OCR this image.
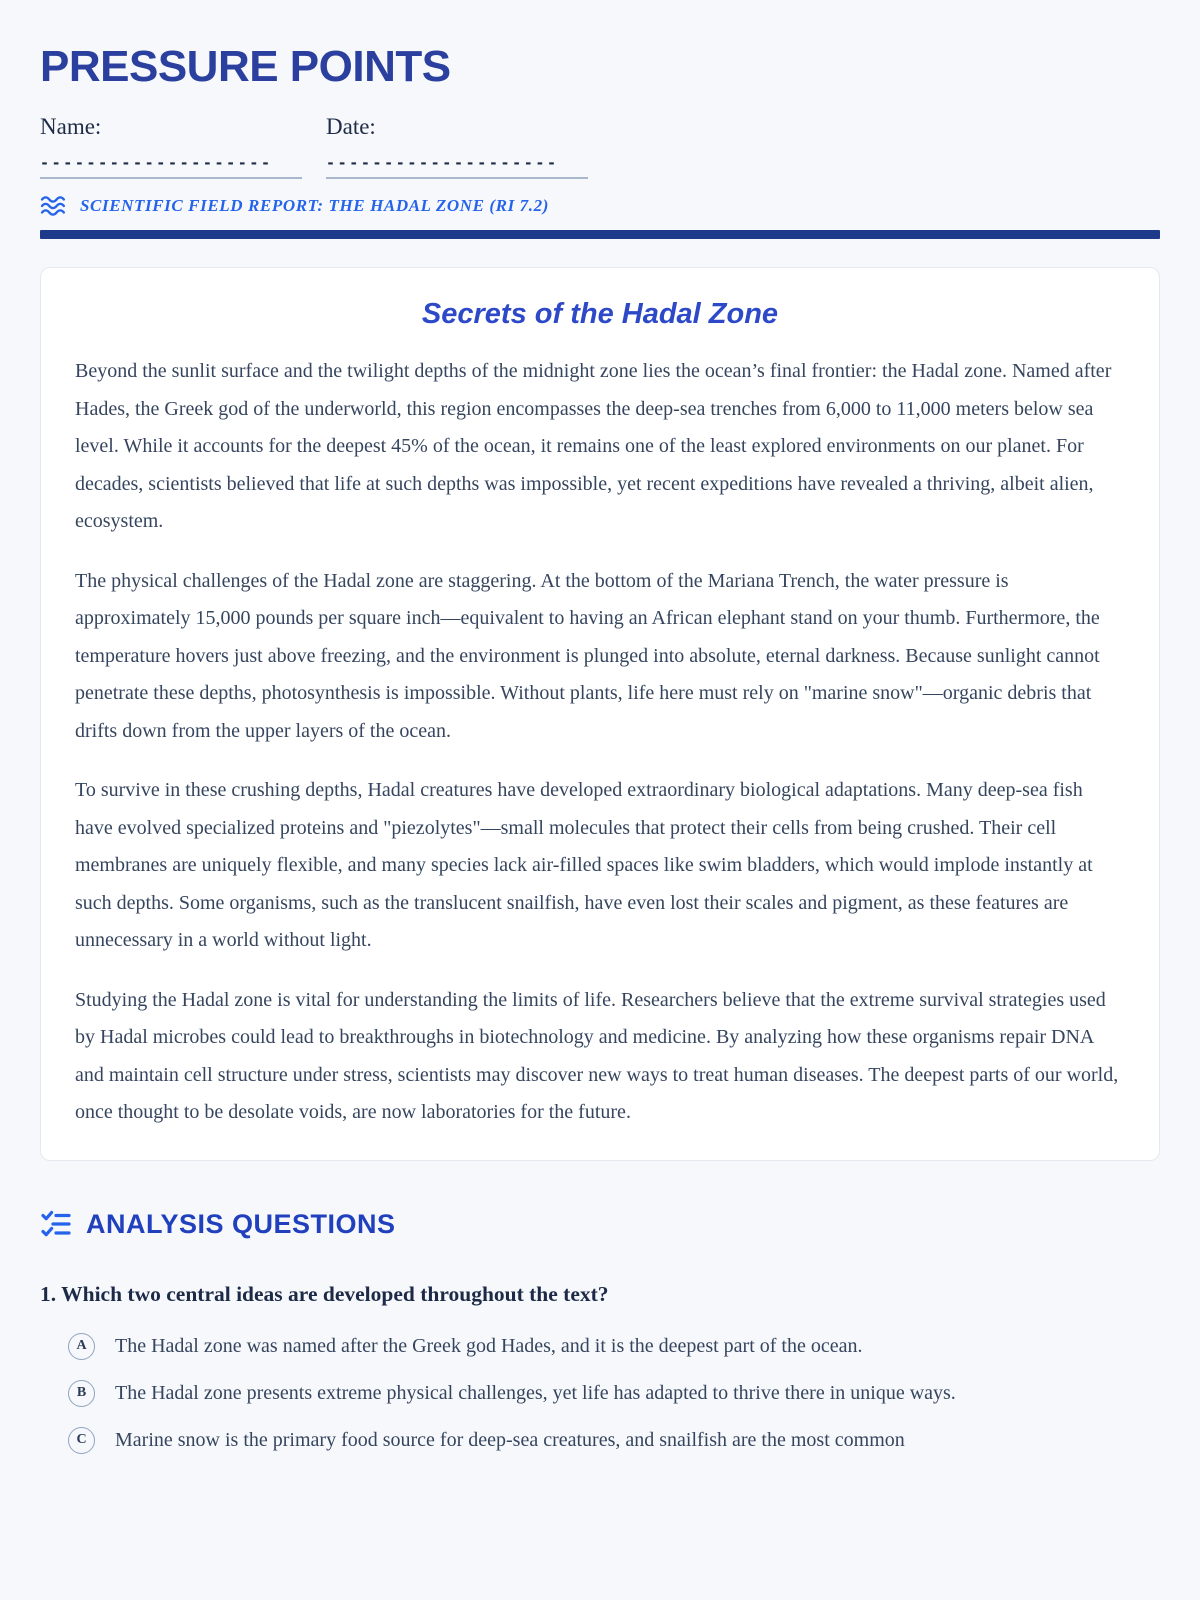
PRESSURE POINTS
Name:
--------------------
Date:
--------------------
SCIENTIFIC FIELD REPORT: THE HADAL ZONE (RI 7.2)
Secrets of the Hadal Zone

Beyond the sunlit surface and the twilight depths of the midnight zone lies the ocean’s final frontier: the Hadal zone. Named after Hades, the Greek god of the underworld, this region encompasses the deep-sea trenches from 6,000 to 11,000 meters below sea level. While it accounts for the deepest 45% of the ocean, it remains one of the least explored environments on our planet. For decades, scientists believed that life at such depths was impossible, yet recent expeditions have revealed a thriving, albeit alien, ecosystem.

The physical challenges of the Hadal zone are staggering. At the bottom of the Mariana Trench, the water pressure is approximately 15,000 pounds per square inch—equivalent to having an African elephant stand on your thumb. Furthermore, the temperature hovers just above freezing, and the environment is plunged into absolute, eternal darkness. Because sunlight cannot penetrate these depths, photosynthesis is impossible. Without plants, life here must rely on "marine snow"—organic debris that drifts down from the upper layers of the ocean.

To survive in these crushing depths, Hadal creatures have developed extraordinary biological adaptations. Many deep-sea fish have evolved specialized proteins and "piezolytes"—small molecules that protect their cells from being crushed. Their cell membranes are uniquely flexible, and many species lack air-filled spaces like swim bladders, which would implode instantly at such depths. Some organisms, such as the translucent snailfish, have even lost their scales and pigment, as these features are unnecessary in a world without light.

Studying the Hadal zone is vital for understanding the limits of life. Researchers believe that the extreme survival strategies used by Hadal microbes could lead to breakthroughs in biotechnology and medicine. By analyzing how these organisms repair DNA and maintain cell structure under stress, scientists may discover new ways to treat human diseases. The deepest parts of our world, once thought to be desolate voids, are now laboratories for the future.

ANALYSIS QUESTIONS
1. Which two central ideas are developed throughout the text?
A	The Hadal zone was named after the Greek god Hades, and it is the deepest part of the ocean.
B	The Hadal zone presents extreme physical challenges, yet life has adapted to thrive there in unique ways.
C	Marine snow is the primary food source for deep-sea creatures, and snailfish are the most common
